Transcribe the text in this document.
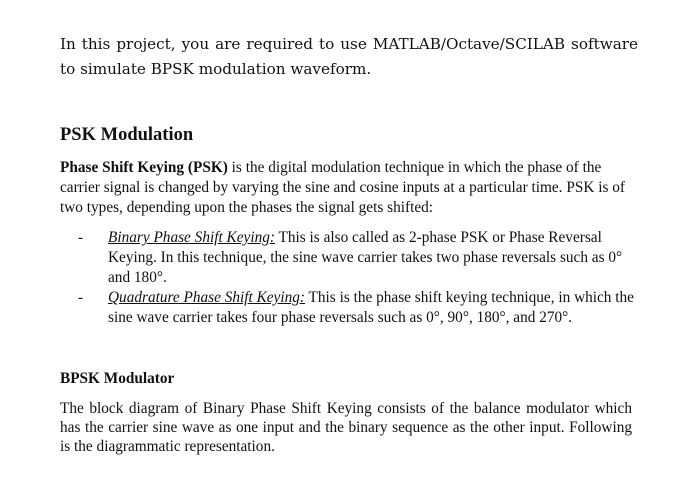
In this project, you are required to use MATLAB/Octave/SCILAB software to simulate BPSK modulation waveform.

PSK Modulation

Phase Shift Keying (PSK) is the digital modulation technique in which the phase of the carrier signal is changed by varying the sine and cosine inputs at a particular time. PSK is of two types, depending upon the phases the signal gets shifted:

- Binary Phase Shift Keying: This is also called as 2-phase PSK or Phase Reversal Keying. In this technique, the sine wave carrier takes two phase reversals such as 0° and 180°.
- Quadrature Phase Shift Keying: This is the phase shift keying technique, in which the sine wave carrier takes four phase reversals such as 0°, 90°, 180°, and 270°.
BPSK Modulator

The block diagram of Binary Phase Shift Keying consists of the balance modulator which has the carrier sine wave as one input and the binary sequence as the other input. Following is the diagrammatic representation.
